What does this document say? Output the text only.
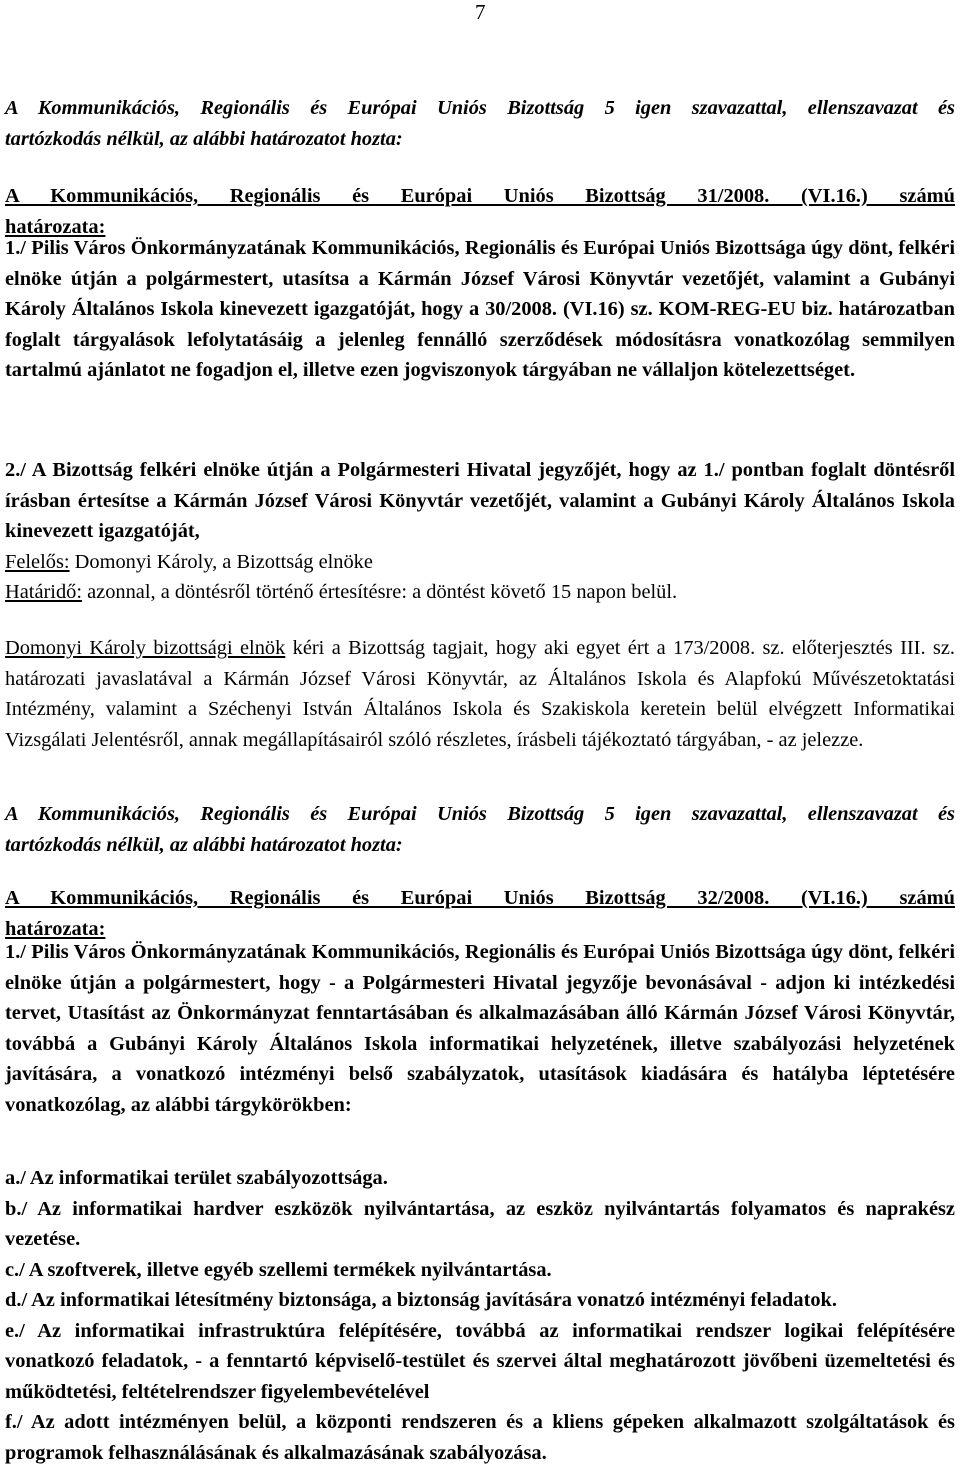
7

A Kommunikációs, Regionális és Európai Uniós Bizottság 5 igen szavazattal, ellenszavazat és

tartózkodás nélkül, az alábbi határozatot hozta:

A Kommunikációs, Regionális és Európai Uniós Bizottság 31/2008. (VI.16.) számú

határozata:

1./ Pilis Város Önkormányzatának Kommunikációs, Regionális és Európai Uniós Bizottsága úgy dönt, felkéri elnöke útján a polgármestert, utasítsa a Kármán József Városi Könyvtár vezetőjét, valamint a Gubányi Károly Általános Iskola kinevezett igazgatóját, hogy a 30/2008. (VI.16) sz. KOM-REG-EU biz. határozatban foglalt tárgyalások lefolytatásáig a jelenleg fennálló szerződések módosításra vonatkozólag semmilyen tartalmú ajánlatot ne fogadjon el, illetve ezen jogviszonyok tárgyában ne vállaljon kötelezettséget.
2./ A Bizottság felkéri elnöke útján a Polgármesteri Hivatal jegyzőjét, hogy az 1./ pontban foglalt döntésről írásban értesítse a Kármán József Városi Könyvtár vezetőjét, valamint a Gubányi Károly Általános Iskola kinevezett igazgatóját,
Felelős: Domonyi Károly, a Bizottság elnöke
Határidő: azonnal, a döntésről történő értesítésre: a döntést követő 15 napon belül.
Domonyi Károly bizottsági elnök kéri a Bizottság tagjait, hogy aki egyet ért a 173/2008. sz. előterjesztés III. sz. határozati javaslatával a Kármán József Városi Könyvtár, az Általános Iskola és Alapfokú Művészetoktatási Intézmény, valamint a Széchenyi István Általános Iskola és Szakiskola keretein belül elvégzett Informatikai Vizsgálati Jelentésről, annak megállapításairól szóló részletes, írásbeli tájékoztató tárgyában, - az jelezze.

A Kommunikációs, Regionális és Európai Uniós Bizottság 5 igen szavazattal, ellenszavazat és

tartózkodás nélkül, az alábbi határozatot hozta:

A Kommunikációs, Regionális és Európai Uniós Bizottság 32/2008. (VI.16.) számú

határozata:

1./ Pilis Város Önkormányzatának Kommunikációs, Regionális és Európai Uniós Bizottsága úgy dönt, felkéri elnöke útján a polgármestert, hogy - a Polgármesteri Hivatal jegyzője bevonásával - adjon ki intézkedési tervet, Utasítást az Önkormányzat fenntartásában és alkalmazásában álló Kármán József Városi Könyvtár, továbbá a Gubányi Károly Általános Iskola informatikai helyzetének, illetve szabályozási helyzetének javítására, a vonatkozó intézményi belső szabályzatok, utasítások kiadására és hatályba léptetésére vonatkozólag, az alábbi tárgykörökben:

a./ Az informatikai terület szabályozottsága.

b./ Az informatikai hardver eszközök nyilvántartása, az eszköz nyilvántartás folyamatos és naprakész vezetése.

c./ A szoftverek, illetve egyéb szellemi termékek nyilvántartása.

d./ Az informatikai létesítmény biztonsága, a biztonság javítására vonatzó intézményi feladatok.

e./ Az informatikai infrastruktúra felépítésére, továbbá az informatikai rendszer logikai felépítésére vonatkozó feladatok, - a fenntartó képviselő-testület és szervei által meghatározott jövőbeni üzemeltetési és működtetési, feltételrendszer figyelembevételével

f./ Az adott intézményen belül, a központi rendszeren és a kliens gépeken alkalmazott szolgáltatások és programok felhasználásának és alkalmazásának szabályozása.
